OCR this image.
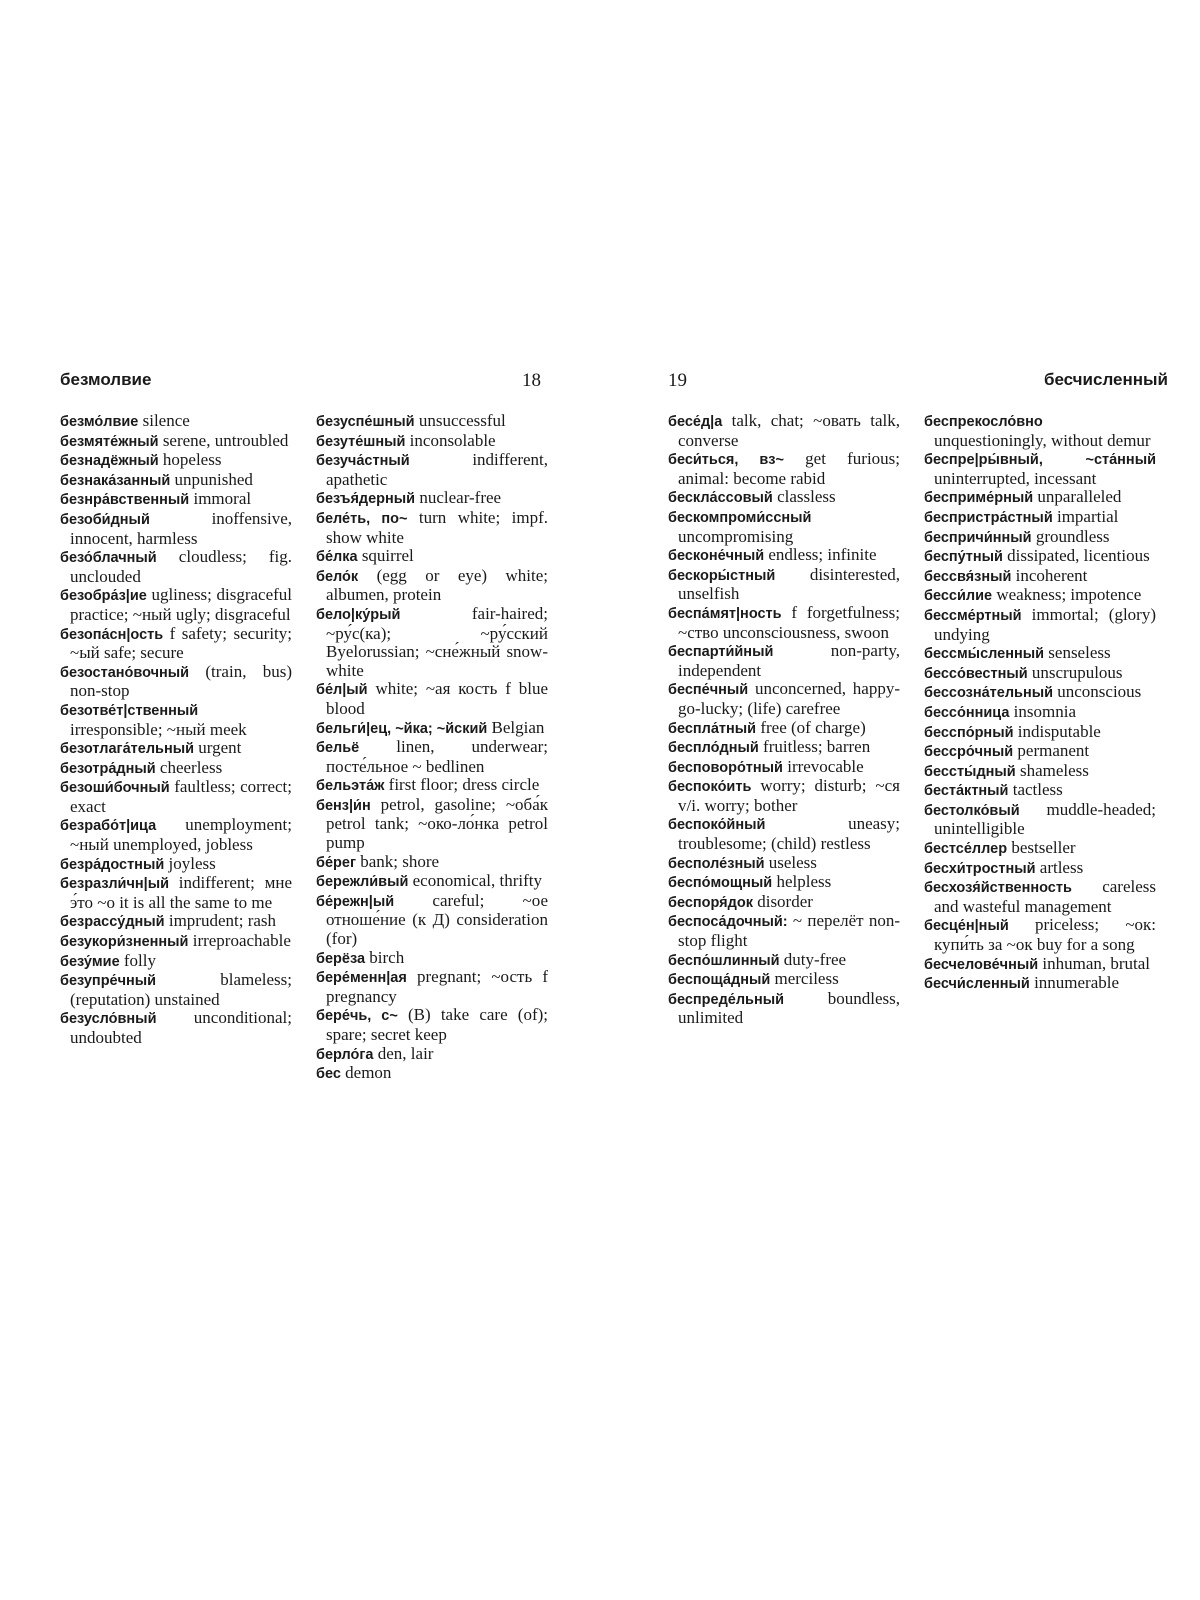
безмолвие	18

безмо́лвие silence

безмяте́жный serene, untroubled

безнадёжный hopeless

безнака́занный unpunished

безнра́вственный immoral

безоби́дный	inoffensive, innocent, harmless

безо́блачный cloudless; fig. unclouded

безобра́з|ие ugliness; disgraceful practice; ~ный ugly; disgraceful

безопа́сн|ость f safety; security; ~ый safe; secure

безостано́вочный (train, bus) non-stop

безотве́т|ственный irresponsible; ~ный meek

безотлага́тельный urgent

безотра́дный cheerless

безоши́бочный faultless; correct; exact

безрабо́т|ица unemployment; ~ный unemployed, jobless

безра́достный joyless

безразли́чн|ый indifferent; мне э́то ~о it is all the same to me

безрассу́дный imprudent; rash

безукори́зненный irreproachable

безу́мие folly

безупре́чный	blameless; (reputation) unstained

безусло́вный unconditional; undoubted

безуспе́шный unsuccessful

безуте́шный inconsolable

безуча́стный	indifferent, apathetic

безъя́дерный nuclear-free

беле́ть, по~ turn white; impf. show white

бе́лка squirrel

бело́к (egg or eye) white; albumen, protein

бело|ку́рый	fair-haired; ~ру́с(ка); ~ру́сский Byelorussian; ~сне́жный snow-white

бе́л|ый white; ~ая кость f blue blood

бельги́|ец, ~йка; ~йский Belgian

бельё linen, underwear; посте́льное ~ bedlinen

бельэта́ж first floor; dress circle

бенз|и́н petrol, gasoline; ~оба́к petrol tank; ~око-ло́нка petrol pump

бе́рег bank; shore

бережли́вый economical, thrifty

бе́режн|ый careful; ~ое отноше́ние (к Д) consideration (for)

берёза birch

бере́менн|ая pregnant; ~ость f pregnancy

бере́чь, с~ (В) take care (of); spare; secret keep

берло́га den, lair

бес demon

19	бесчисленный

бесе́д|а talk, chat; ~овать talk, converse

беси́ться, вз~ get furious; animal: become rabid

бескла́ссовый classless

бескомпроми́ссный uncompromising

бесконе́чный endless; infinite

бескоры́стный disinterested, unselfish

беспа́мят|ность f forgetfulness; ~ство unconsciousness, swoon

беспарти́йный	non-party, independent

беспе́чный unconcerned, happy-go-lucky; (life) carefree

беспла́тный free (of charge)

беспло́дный fruitless; barren

бесповоро́тный irrevocable

беспоко́ить worry; disturb; ~ся v/i. worry; bother

беспоко́йный	uneasy; troublesome; (child) restless

бесполе́зный useless

беспо́мощный helpless

беспоря́док disorder

беспоса́дочный: ~ перелёт non-stop flight

беспо́шлинный duty-free

беспоща́дный merciless

беспреде́льный	boundless, unlimited

беспрекосло́вно unquestioningly, without demur

беспре|ры́вный, ~ста́нный uninterrupted, incessant

бесприме́рный unparalleled

беспристра́стный impartial

беспричи́нный groundless

беспу́тный dissipated, licentious

бессвя́зный incoherent

бесси́лие weakness; impotence

бессме́ртный immortal; (glory) undying

бессмы́сленный senseless

бессо́вестный unscrupulous

бессозна́тельный unconscious

бессо́нница insomnia

бесспо́рный indisputable

бессро́чный permanent

бессты́дный shameless

беста́ктный tactless

бестолко́вый muddle-headed; unintelligible

бестсе́ллер bestseller

бесхи́тростный artless

бесхозя́йственность careless and wasteful management

бесце́н|ный priceless; ~ок: купи́ть за ~ок buy for a song

бесчелове́чный inhuman, brutal

бесчи́сленный innumerable
